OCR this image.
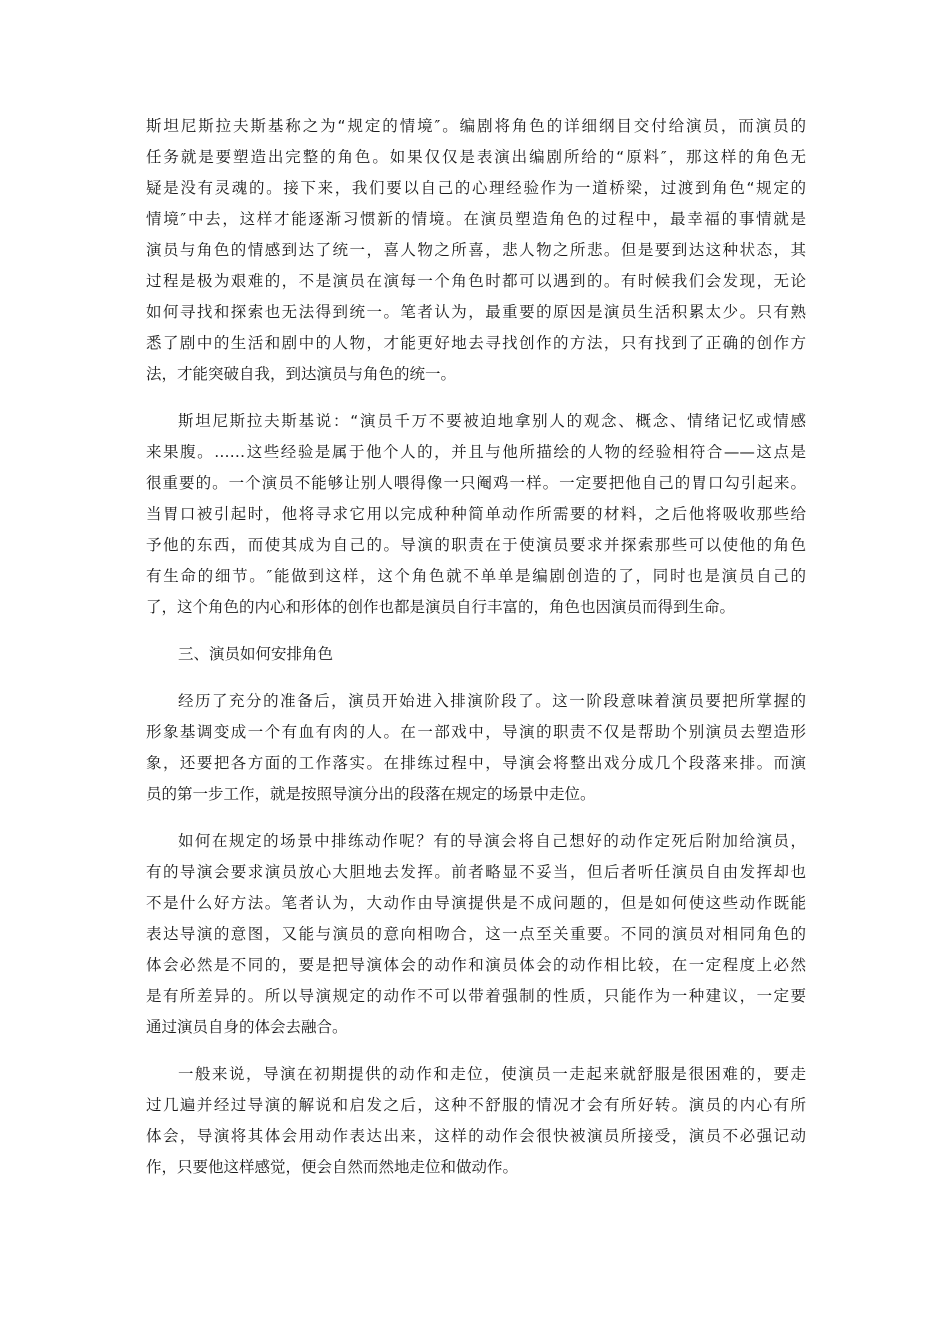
斯坦尼斯拉夫斯基称之为“规定的情境″。编剧将角色的详细纲目交付给演员，而演员的
任务就是要塑造出完整的角色。如果仅仅是表演出编剧所给的“原料″，那这样的角色无
疑是没有灵魂的。接下来，我们要以自己的心理经验作为一道桥梁，过渡到角色“规定的
情境″中去，这样才能逐渐习惯新的情境。在演员塑造角色的过程中，最幸福的事情就是
演员与角色的情感到达了统一，喜人物之所喜，悲人物之所悲。但是要到达这种状态，其
过程是极为艰难的，不是演员在演每一个角色时都可以遇到的。有时候我们会发现，无论
如何寻找和探索也无法得到统一。笔者认为，最重要的原因是演员生活积累太少。只有熟
悉了剧中的生活和剧中的人物，才能更好地去寻找创作的方法，只有找到了正确的创作方
法，才能突破自我，到达演员与角色的统一。
斯坦尼斯拉夫斯基说：“演员千万不要被迫地拿别人的观念、概念、情绪记忆或情感
来果腹。……这些经验是属于他个人的，并且与他所描绘的人物的经验相符合——这点是
很重要的。一个演员不能够让别人喂得像一只阉鸡一样。一定要把他自己的胃口勾引起来。
当胃口被引起时，他将寻求它用以完成种种简单动作所需要的材料，之后他将吸收那些给
予他的东西，而使其成为自己的。导演的职责在于使演员要求并探索那些可以使他的角色
有生命的细节。″能做到这样，这个角色就不单单是编剧创造的了，同时也是演员自己的
了，这个角色的内心和形体的创作也都是演员自行丰富的，角色也因演员而得到生命。
三、演员如何安排角色
经历了充分的准备后，演员开始进入排演阶段了。这一阶段意味着演员要把所掌握的
形象基调变成一个有血有肉的人。在一部戏中，导演的职责不仅是帮助个别演员去塑造形
象，还要把各方面的工作落实。在排练过程中，导演会将整出戏分成几个段落来排。而演
员的第一步工作，就是按照导演分出的段落在规定的场景中走位。
如何在规定的场景中排练动作呢？有的导演会将自己想好的动作定死后附加给演员，
有的导演会要求演员放心大胆地去发挥。前者略显不妥当，但后者听任演员自由发挥却也
不是什么好方法。笔者认为，大动作由导演提供是不成问题的，但是如何使这些动作既能
表达导演的意图，又能与演员的意向相吻合，这一点至关重要。不同的演员对相同角色的
体会必然是不同的，要是把导演体会的动作和演员体会的动作相比较，在一定程度上必然
是有所差异的。所以导演规定的动作不可以带着强制的性质，只能作为一种建议，一定要
通过演员自身的体会去融合。
一般来说，导演在初期提供的动作和走位，使演员一走起来就舒服是很困难的，要走
过几遍并经过导演的解说和启发之后，这种不舒服的情况才会有所好转。演员的内心有所
体会，导演将其体会用动作表达出来，这样的动作会很快被演员所接受，演员不必强记动
作，只要他这样感觉，便会自然而然地走位和做动作。
